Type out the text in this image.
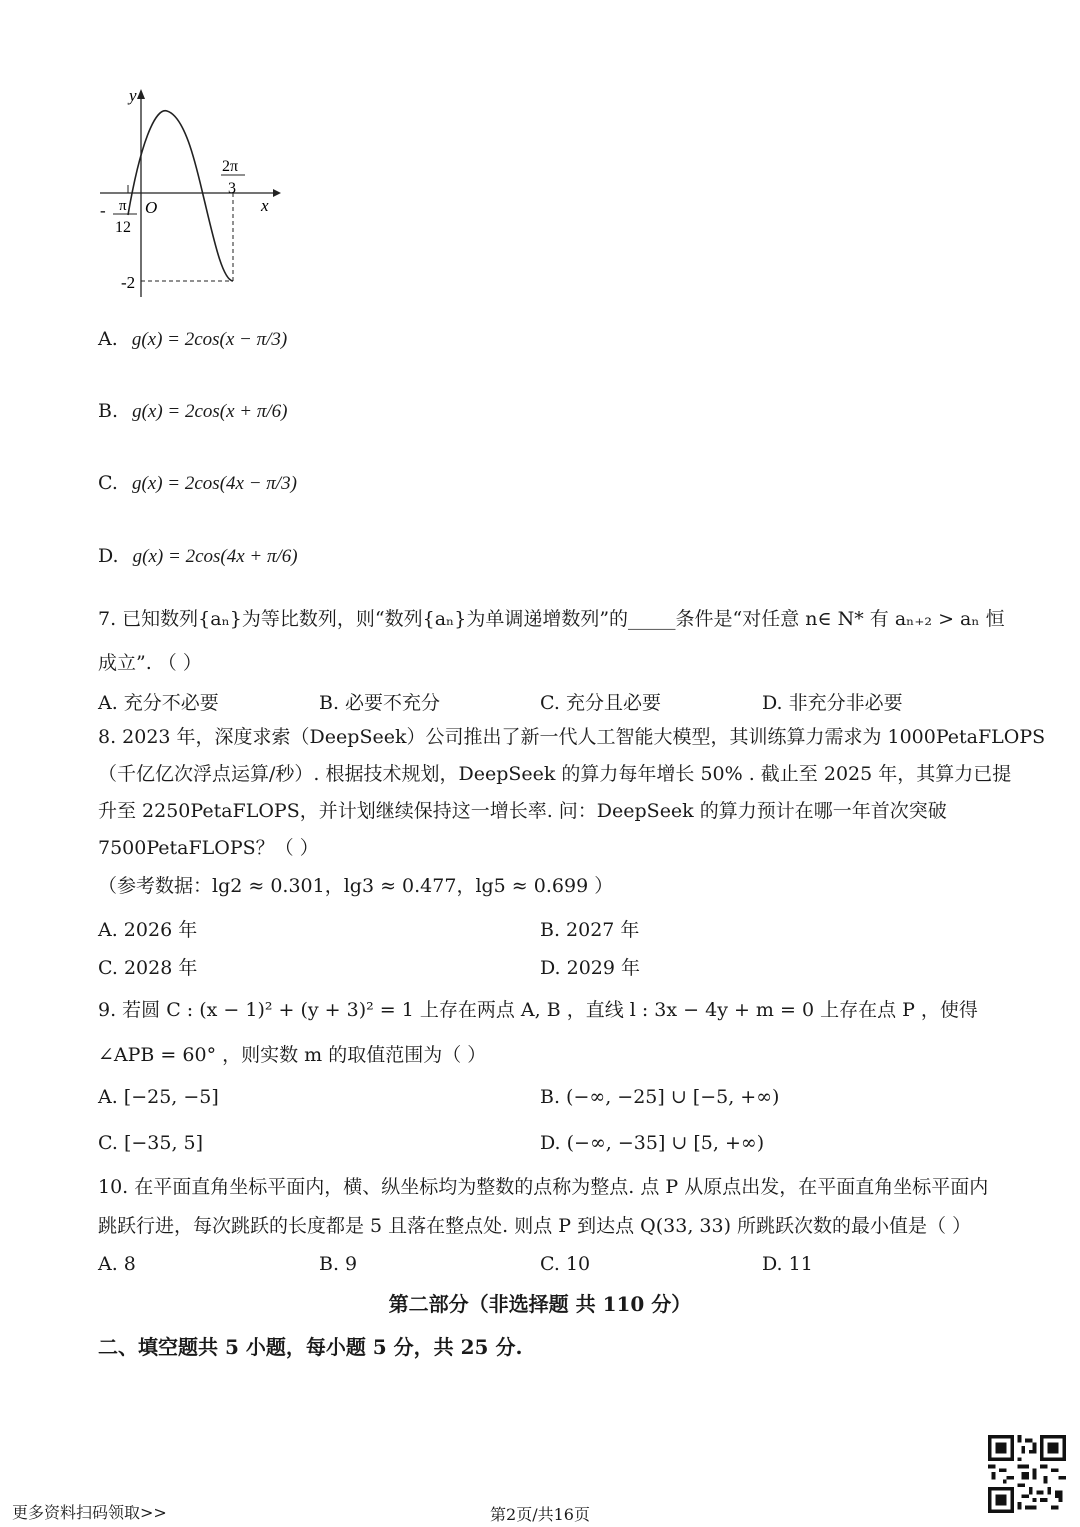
y
x
O
- π
12
2π
3
-2
A. g(x) = 2cos(x − π/3)
B. g(x) = 2cos(x + π/6)
C. g(x) = 2cos(4x − π/3)
D. g(x) = 2cos(4x + π/6)
7. 已知数列{aₙ}为等比数列，则“数列{aₙ}为单调递增数列”的_____条件是“对任意 n∈ N* 有 aₙ₊₂ > aₙ 恒
成立”. （ ）
A. 充分不必要	B. 必要不充分	C. 充分且必要	D. 非充分非必要
8. 2023 年，深度求索（DeepSeek）公司推出了新一代人工智能大模型，其训练算力需求为 1000PetaFLOPS
（千亿亿次浮点运算/秒）. 根据技术规划，DeepSeek 的算力每年增长 50% . 截止至 2025 年，其算力已提
升至 2250PetaFLOPS，并计划继续保持这一增长率. 问：DeepSeek 的算力预计在哪一年首次突破
7500PetaFLOPS？（ ）
（参考数据：lg2 ≈ 0.301，lg3 ≈ 0.477，lg5 ≈ 0.699 ）
A. 2026 年	B. 2027 年
C. 2028 年	D. 2029 年
9. 若圆 C : (x − 1)² + (y + 3)² = 1 上存在两点 A, B ，直线 l : 3x − 4y + m = 0 上存在点 P ，使得
∠APB = 60° ，则实数 m 的取值范围为（ ）
A. [−25, −5]	B. (−∞, −25] ∪ [−5, +∞)
C. [−35, 5]	D. (−∞, −35] ∪ [5, +∞)
10. 在平面直角坐标平面内，横、纵坐标均为整数的点称为整点. 点 P 从原点出发，在平面直角坐标平面内
跳跃行进，每次跳跃的长度都是 5 且落在整点处. 则点 P 到达点 Q(33, 33) 所跳跃次数的最小值是（ ）
A. 8	B. 9	C. 10	D. 11
第二部分（非选择题 共 110 分）
二、填空题共 5 小题，每小题 5 分，共 25 分.
更多资料扫码领取>>	第2页/共16页
